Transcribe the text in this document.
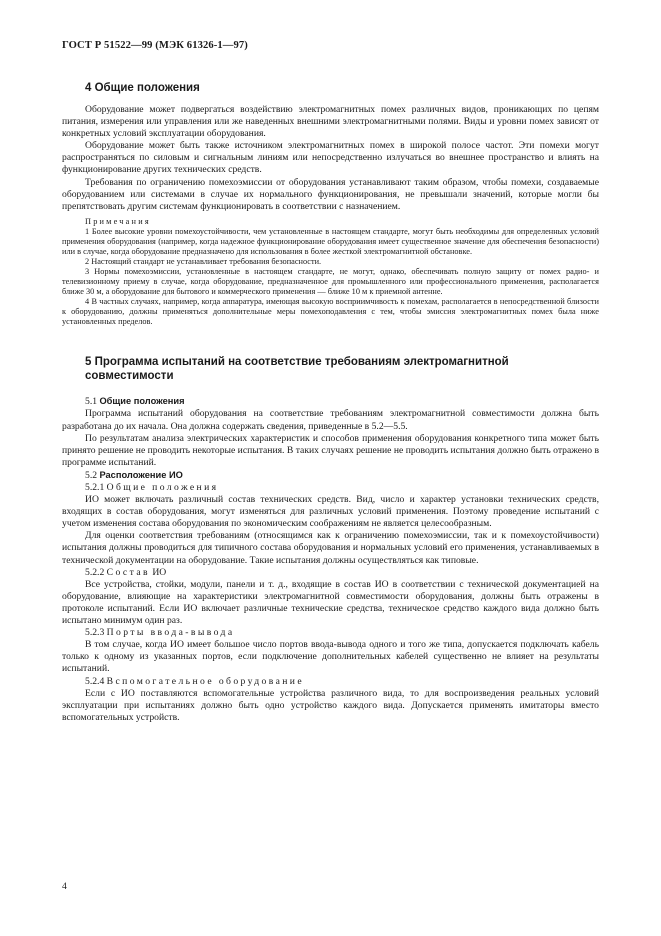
ГОСТ Р 51522—99 (МЭК 61326-1—97)
4 Общие положения

Оборудование может подвергаться воздействию электромагнитных помех различных видов, проникающих по цепям питания, измерения или управления или же наведенных внешними электромагнитными полями. Виды и уровни помех зависят от конкретных условий эксплуатации оборудования.

Оборудование может быть также источником электромагнитных помех в широкой полосе частот. Эти помехи могут распространяться по силовым и сигнальным линиям или непосредственно излучаться во внешнее пространство и влиять на функционирование других технических средств.

Требования по ограничению помехоэмиссии от оборудования устанавливают таким образом, чтобы помехи, создаваемые оборудованием или системами в случае их нормального функционирования, не превышали значений, которые могли бы препятствовать другим системам функционировать в соответствии с назначением.

Примечания

1 Более высокие уровни помехоустойчивости, чем установленные в настоящем стандарте, могут быть необходимы для определенных условий применения оборудования (например, когда надежное функционирование оборудования имеет существенное значение для обеспечения безопасности) или в случае, когда оборудование предназначено для использования в более жесткой электромагнитной обстановке.

2 Настоящий стандарт не устанавливает требования безопасности.

3 Нормы помехоэмиссии, установленные в настоящем стандарте, не могут, однако, обеспечивать полную защиту от помех радио- и телевизионному приему в случае, когда оборудование, предназначенное для промышленного или профессионального применения, располагается ближе 30 м, а оборудование для бытового и коммерческого применения — ближе 10 м к приемной антенне.

4 В частных случаях, например, когда аппаратура, имеющая высокую восприимчивость к помехам, располагается в непосредственной близости к оборудованию, должны применяться дополнительные меры помехоподавления с тем, чтобы эмиссия электромагнитных помех была ниже установленных пределов.

5 Программа испытаний на соответствие требованиям электромагнитной совместимости

5.1 Общие положения

Программа испытаний оборудования на соответствие требованиям электромагнитной совместимости должна быть разработана до их начала. Она должна содержать сведения, приведенные в 5.2—5.5.

По результатам анализа электрических характеристик и способов применения оборудования конкретного типа может быть принято решение не проводить некоторые испытания. В таких случаях решение не проводить испытания должно быть отражено в программе испытаний.

5.2 Расположение ИО

5.2.1 Общие положения

ИО может включать различный состав технических средств. Вид, число и характер установки технических средств, входящих в состав оборудования, могут изменяться для различных условий применения. Поэтому проведение испытаний с учетом изменения состава оборудования по экономическим соображениям не является целесообразным.

Для оценки соответствия требованиям (относящимся как к ограничению помехоэмиссии, так и к помехоустойчивости) испытания должны проводиться для типичного состава оборудования и нормальных условий его применения, устанавливаемых в технической документации на оборудование. Такие испытания должны осуществляться как типовые.

5.2.2 Состав ИО

Все устройства, стойки, модули, панели и т. д., входящие в состав ИО в соответствии с технической документацией на оборудование, влияющие на характеристики электромагнитной совместимости оборудования, должны быть отражены в протоколе испытаний. Если ИО включает различные технические средства, техническое средство каждого вида должно быть испытано минимум один раз.

5.2.3 Порты ввода-вывода

В том случае, когда ИО имеет большое число портов ввода-вывода одного и того же типа, допускается подключать кабель только к одному из указанных портов, если подключение дополнительных кабелей существенно не влияет на результаты испытаний.

5.2.4 Вспомогательное оборудование

Если с ИО поставляются вспомогательные устройства различного вида, то для воспроизведения реальных условий эксплуатации при испытаниях должно быть одно устройство каждого вида. Допускается применять имитаторы вместо вспомогательных устройств.

4
